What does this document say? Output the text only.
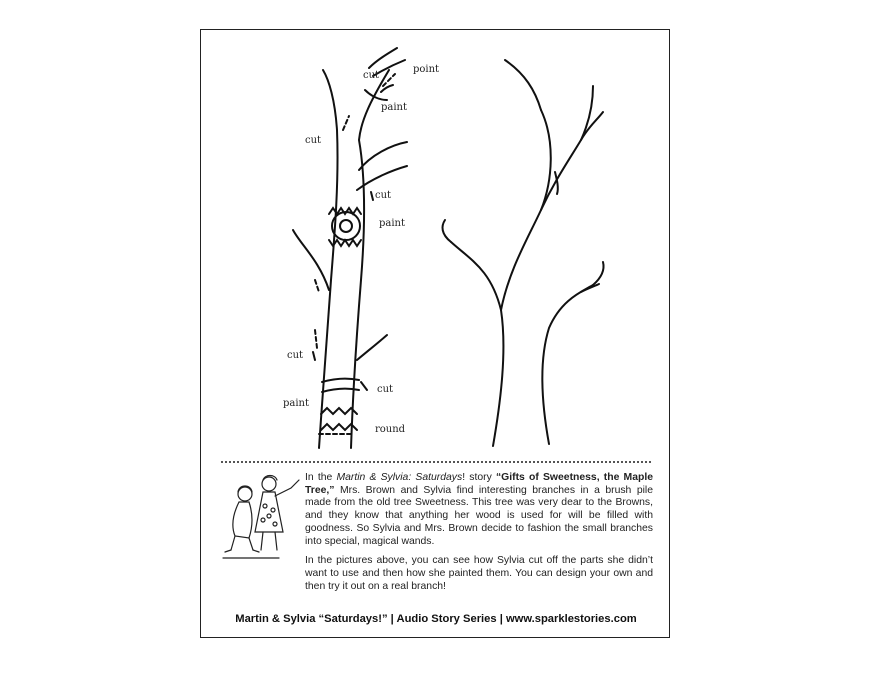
cut
point
paint
cut
cut
paint
cut
cut
paint
round

In the Martin & Sylvia: Saturdays! story “Gifts of Sweetness, the Maple Tree,” Mrs. Brown and Sylvia find interesting branches in a brush pile made from the old tree Sweetness. This tree was very dear to the Browns, and they know that anything her wood is used for will be filled with goodness. So Sylvia and Mrs. Brown decide to fashion the small branches into special, magical wands.

In the pictures above, you can see how Sylvia cut off the parts she didn’t want to use and then how she painted them. You can design your own and then try it out on a real branch!

Martin & Sylvia “Saturdays!” | Audio Story Series | www.sparklestories.com
